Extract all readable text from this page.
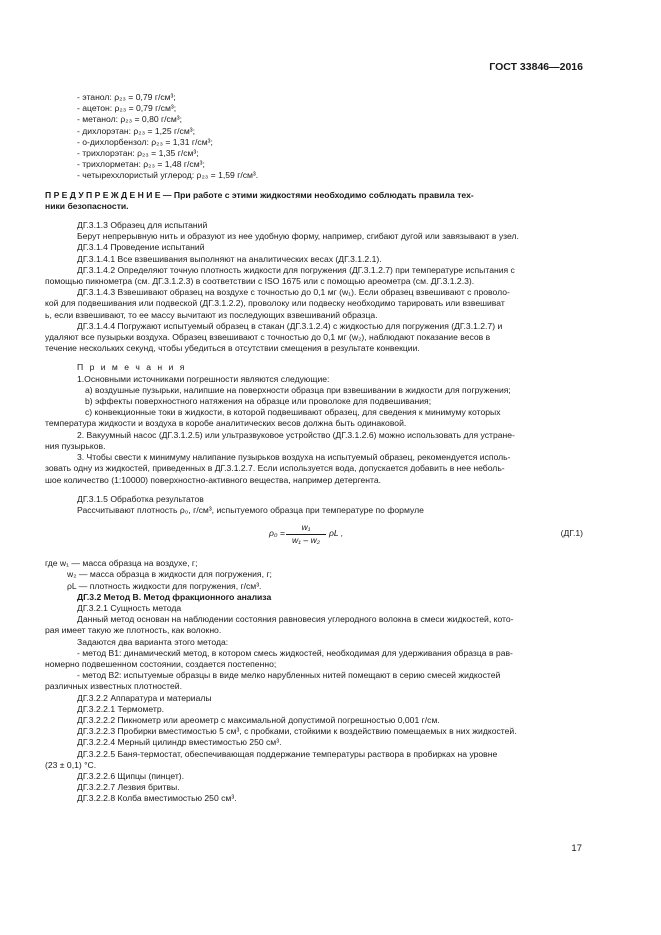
ГОСТ 33846—2016

- этанол: ρ₂₃ = 0,79 г/см³;

- ацетон: ρ₂₃ = 0,79 г/см³;

- метанол: ρ₂₃ = 0,80 г/см³;

- дихлорэтан: ρ₂₃ = 1,25 г/см³;

- о-дихлорбензол: ρ₂₃ = 1,31 г/см³;

- трихлорэтан: ρ₂₃ = 1,35 г/см³;

- трихлорметан: ρ₂₃ = 1,48 г/см³;

- четыреххлористый углерод: ρ₂₃ = 1,59 г/см³.

П Р Е Д У П Р Е Ж Д Е Н И Е — При работе с этими жидкостями необходимо соблюдать правила тех-

ники безопасности.

ДГ.3.1.3 Образец для испытаний

Берут непрерывную нить и образуют из нее удобную форму, например, сгибают дугой или завязывают в узел.

ДГ.3.1.4 Проведение испытаний

ДГ.3.1.4.1 Все взвешивания выполняют на аналитических весах (ДГ.3.1.2.1).

ДГ.3.1.4.2 Определяют точную плотность жидкости для погружения (ДГ.3.1.2.7) при температуре испытания с

помощью пикнометра (см. ДГ.3.1.2.3) в соответствии с ISO 1675 или с помощью ареометра (см. ДГ.3.1.2.3).

ДГ.3.1.4.3 Взвешивают образец на воздухе с точностью до 0,1 мг (w₁). Если образец взвешивают с проволо-

кой для подвешивания или подвеской (ДГ.3.1.2.2), проволоку или подвеску необходимо тарировать или взвешиват

ь, если взвешивают, то ее массу вычитают из последующих взвешиваний образца.

ДГ.3.1.4.4 Погружают испытуемый образец в стакан (ДГ.3.1.2.4) с жидкостью для погружения (ДГ.3.1.2.7) и

удаляют все пузырьки воздуха. Образец взвешивают с точностью до 0,1 мг (w₂), наблюдают показание весов в

течение нескольких секунд, чтобы убедиться в отсутствии смещения в результате конвекции.

П р и м е ч а н и я

1.Основными источниками погрешности являются следующие:

a) воздушные пузырьки, налипшие на поверхности образца при взвешивании в жидкости для погружения;

b) эффекты поверхностного натяжения на образце или проволоке для подвешивания;

c) конвекционные токи в жидкости, в которой подвешивают образец, для сведения к минимуму которых

температура жидкости и воздуха в коробе аналитических весов должна быть одинаковой.

2. Вакуумный насос (ДГ.3.1.2.5) или ультразвуковое устройство (ДГ.3.1.2.6) можно использовать для устране-

ния пузырьков.

3. Чтобы свести к минимуму налипание пузырьков воздуха на испытуемый образец, рекомендуется исполь-

зовать одну из жидкостей, приведенных в ДГ.3.1.2.7. Если используется вода, допускается добавить в нее неболь-

шое количество (1:10000) поверхностно-активного вещества, например детергента.

ДГ.3.1.5 Обработка результатов

Рассчитывают плотность ρ₀, г/см³, испытуемого образца при температуре по формуле

$\rho_0 = \frac{\text{w₁}}{\text{w₁ – w₂}}$ ρL ,	(ДГ.1)

где w₁ — масса образца на воздухе, г;

w₂ — масса образца в жидкости для погружения, г;

ρL — плотность жидкости для погружения, г/см³.

ДГ.3.2 Метод В. Метод фракционного анализа

ДГ.3.2.1 Сущность метода

Данный метод основан на наблюдении состояния равновесия углеродного волокна в смеси жидкостей, кото-

рая имеет такую же плотность, как волокно.

Задаются два варианта этого метода:

- метод В1: динамический метод, в котором смесь жидкостей, необходимая для удерживания образца в рав-

номерно подвешенном состоянии, создается постепенно;

- метод В2: испытуемые образцы в виде мелко нарубленных нитей помещают в серию смесей жидкостей

различных известных плотностей.

ДГ.3.2.2 Аппаратура и материалы

ДГ.3.2.2.1 Термометр.

ДГ.3.2.2.2 Пикнометр или ареометр с максимальной допустимой погрешностью 0,001 г/см.

ДГ.3.2.2.3 Пробирки вместимостью 5 см³, с пробками, стойкими к воздействию помещаемых в них жидкостей.

ДГ.3.2.2.4 Мерный цилиндр вместимостью 250 см³.

ДГ.3.2.2.5 Баня-термостат, обеспечивающая поддержание температуры раствора в пробирках на уровне

(23 ± 0,1) °С.

ДГ.3.2.2.6 Щипцы (пинцет).

ДГ.3.2.2.7 Лезвия бритвы.

ДГ.3.2.2.8 Колба вместимостью 250 см³.

17
